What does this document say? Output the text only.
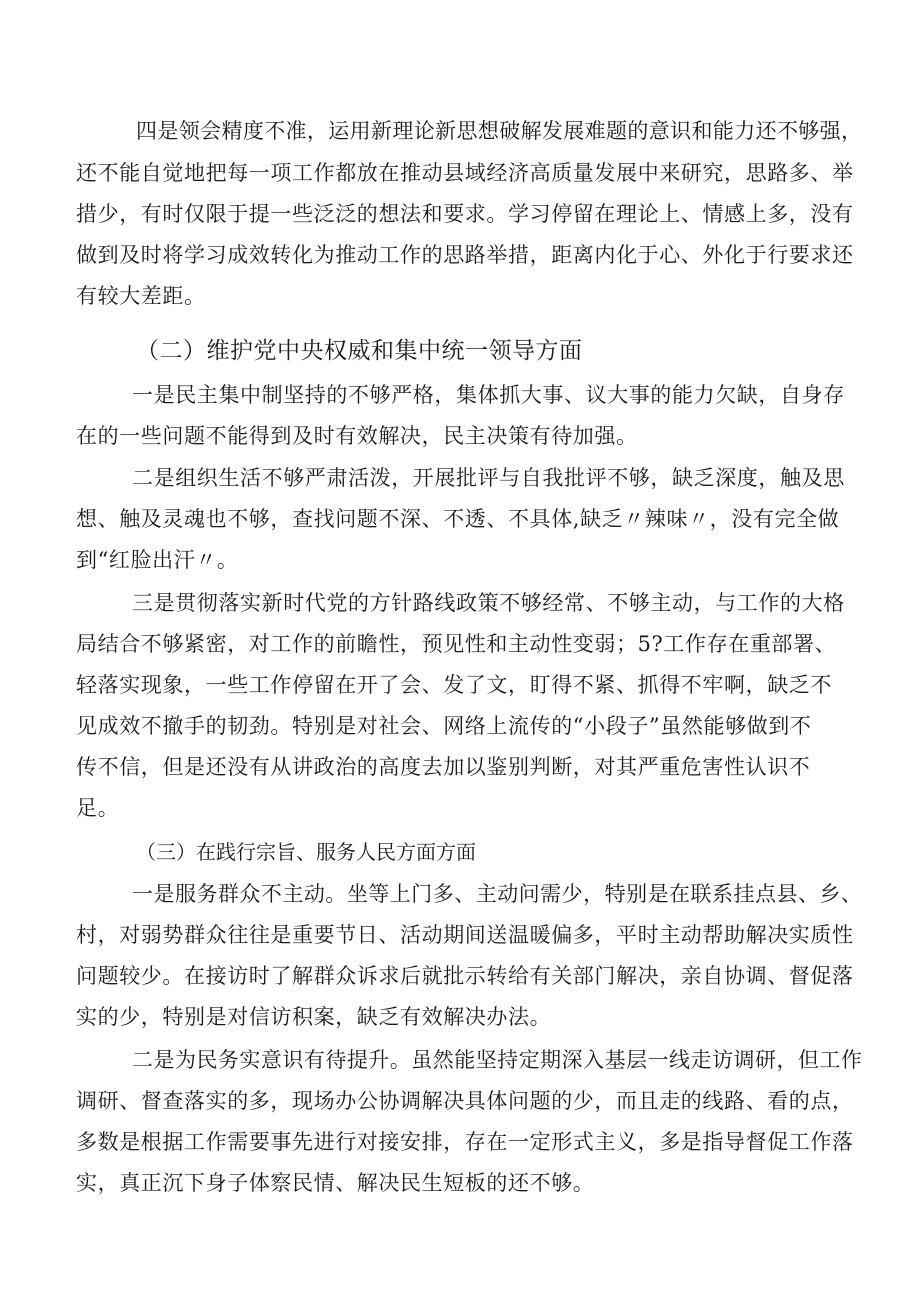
四是领会精度不准，运用新理论新思想破解发展难题的意识和能力还不够强，
还不能自觉地把每一项工作都放在推动县域经济高质量发展中来研究，思路多、举
措少，有时仅限于提一些泛泛的想法和要求。学习停留在理论上、情感上多，没有
做到及时将学习成效转化为推动工作的思路举措，距离内化于心、外化于行要求还
有较大差距。
（二）维护党中央权威和集中统一领导方面
一是民主集中制坚持的不够严格，集体抓大事、议大事的能力欠缺，自身存
在的一些问题不能得到及时有效解决，民主决策有待加强。
二是组织生活不够严肃活泼，开展批评与自我批评不够，缺乏深度，触及思
想、触及灵魂也不够，查找问题不深、不透、不具体,缺乏〃辣味〃，没有完全做
到“红脸出汗〃。
三是贯彻落实新时代党的方针路线政策不够经常、不够主动，与工作的大格
局结合不够紧密，对工作的前瞻性，预见性和主动性变弱；5?工作存在重部署、
轻落实现象，一些工作停留在开了会、发了文，盯得不紧、抓得不牢啊，缺乏不
见成效不撤手的韧劲。特别是对社会、网络上流传的“小段子”虽然能够做到不
传不信，但是还没有从讲政治的高度去加以鉴别判断，对其严重危害性认识不
足。
（三）在践行宗旨、服务人民方面方面
一是服务群众不主动。坐等上门多、主动问需少，特别是在联系挂点县、乡、
村，对弱势群众往往是重要节日、活动期间送温暖偏多，平时主动帮助解决实质性
问题较少。在接访时了解群众诉求后就批示转给有关部门解决，亲自协调、督促落
实的少，特别是对信访积案，缺乏有效解决办法。
二是为民务实意识有待提升。虽然能坚持定期深入基层一线走访调研，但工作
调研、督查落实的多，现场办公协调解决具体问题的少，而且走的线路、看的点，
多数是根据工作需要事先进行对接安排，存在一定形式主义，多是指导督促工作落
实，真正沉下身子体察民情、解决民生短板的还不够。
